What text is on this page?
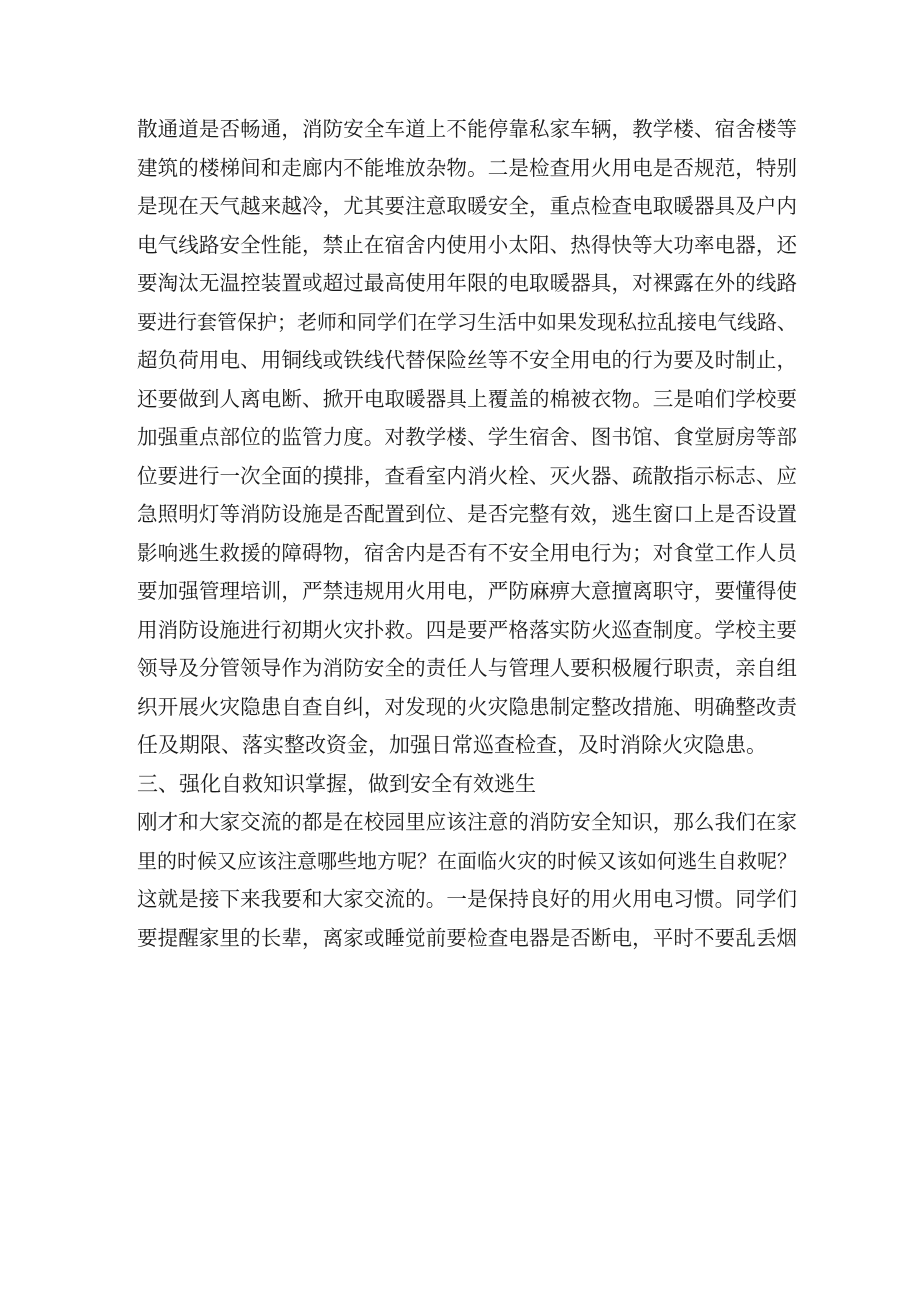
散通道是否畅通，消防安全车道上不能停靠私家车辆，教学楼、宿舍楼等
建筑的楼梯间和走廊内不能堆放杂物。二是检查用火用电是否规范，特别
是现在天气越来越冷，尤其要注意取暖安全，重点检查电取暖器具及户内
电气线路安全性能，禁止在宿舍内使用小太阳、热得快等大功率电器，还
要淘汰无温控装置或超过最高使用年限的电取暖器具，对裸露在外的线路
要进行套管保护；老师和同学们在学习生活中如果发现私拉乱接电气线路、
超负荷用电、用铜线或铁线代替保险丝等不安全用电的行为要及时制止，
还要做到人离电断、掀开电取暖器具上覆盖的棉被衣物。三是咱们学校要
加强重点部位的监管力度。对教学楼、学生宿舍、图书馆、食堂厨房等部
位要进行一次全面的摸排，查看室内消火栓、灭火器、疏散指示标志、应
急照明灯等消防设施是否配置到位、是否完整有效，逃生窗口上是否设置
影响逃生救援的障碍物，宿舍内是否有不安全用电行为；对食堂工作人员
要加强管理培训，严禁违规用火用电，严防麻痹大意擅离职守，要懂得使
用消防设施进行初期火灾扑救。四是要严格落实防火巡查制度。学校主要
领导及分管领导作为消防安全的责任人与管理人要积极履行职责，亲自组
织开展火灾隐患自查自纠，对发现的火灾隐患制定整改措施、明确整改责
任及期限、落实整改资金，加强日常巡查检查，及时消除火灾隐患。
三、强化自救知识掌握，做到安全有效逃生
刚才和大家交流的都是在校园里应该注意的消防安全知识，那么我们在家
里的时候又应该注意哪些地方呢？在面临火灾的时候又该如何逃生自救呢？
这就是接下来我要和大家交流的。一是保持良好的用火用电习惯。同学们
要提醒家里的长辈，离家或睡觉前要检查电器是否断电，平时不要乱丢烟
